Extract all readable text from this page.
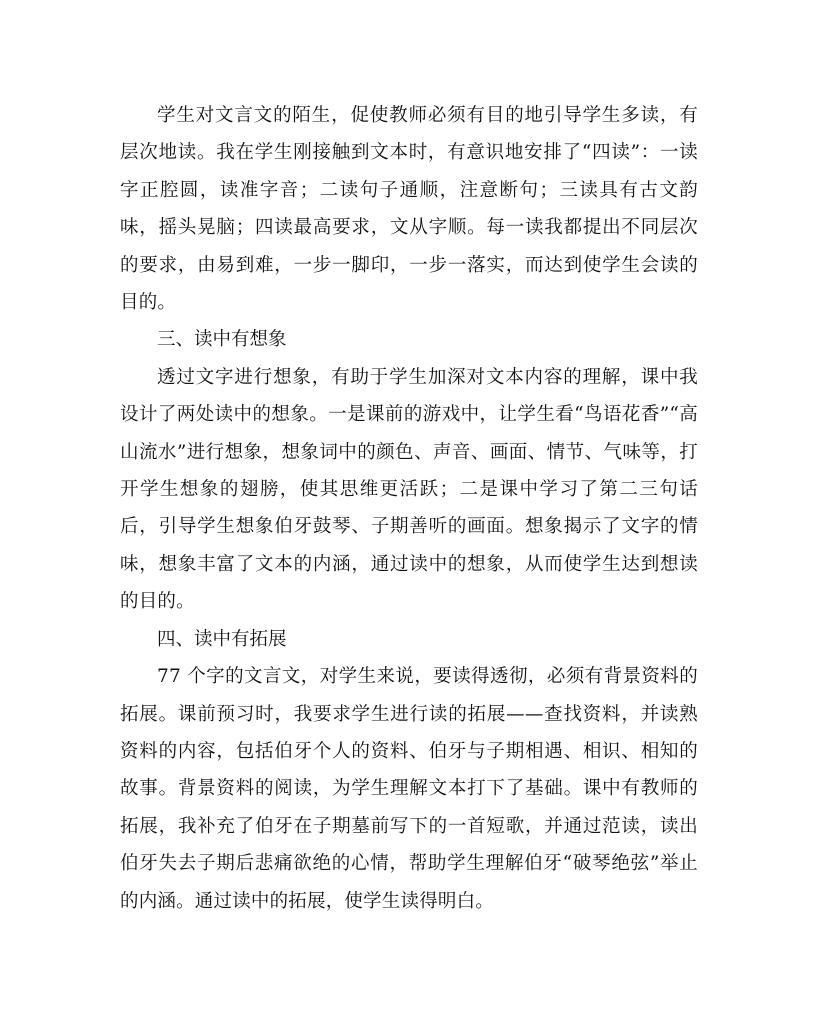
学生对文言文的陌生，促使教师必须有目的地引导学生多读，有层次地读。我在学生刚接触到文本时，有意识地安排了“四读”：一读字正腔圆，读准字音；二读句子通顺，注意断句；三读具有古文韵味，摇头晃脑；四读最高要求，文从字顺。每一读我都提出不同层次的要求，由易到难，一步一脚印，一步一落实，而达到使学生会读的目的。

三、读中有想象

透过文字进行想象，有助于学生加深对文本内容的理解，课中我设计了两处读中的想象。一是课前的游戏中，让学生看“鸟语花香”“高山流水”进行想象，想象词中的颜色、声音、画面、情节、气味等，打开学生想象的翅膀，使其思维更活跃；二是课中学习了第二三句话后，引导学生想象伯牙鼓琴、子期善听的画面。想象揭示了文字的情味，想象丰富了文本的内涵，通过读中的想象，从而使学生达到想读的目的。

四、读中有拓展

77 个字的文言文，对学生来说，要读得透彻，必须有背景资料的拓展。课前预习时，我要求学生进行读的拓展——查找资料，并读熟资料的内容，包括伯牙个人的资料、伯牙与子期相遇、相识、相知的故事。背景资料的阅读，为学生理解文本打下了基础。课中有教师的拓展，我补充了伯牙在子期墓前写下的一首短歌，并通过范读，读出伯牙失去子期后悲痛欲绝的心情，帮助学生理解伯牙“破琴绝弦”举止的内涵。通过读中的拓展，使学生读得明白。
